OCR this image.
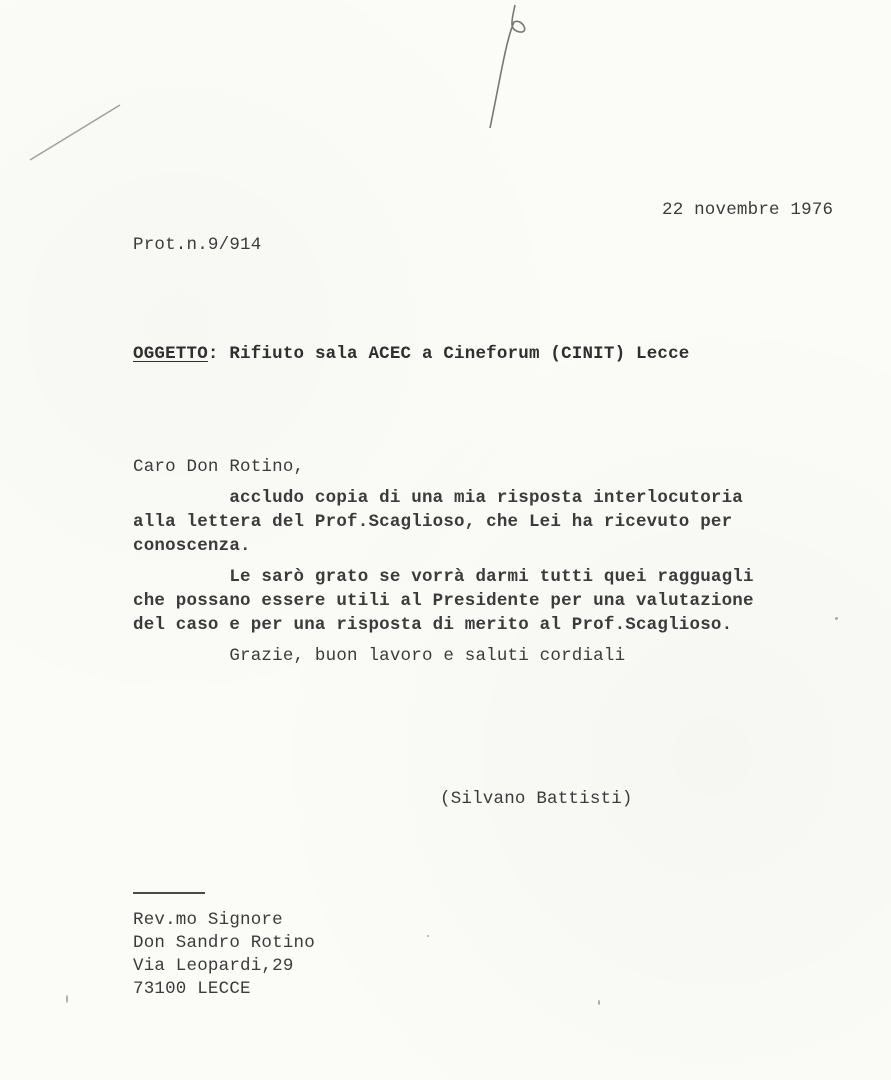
Cinit
fm
22 novembre 1976
Prot.n.9/914
OGGETTO: Rifiuto sala ACEC a Cineforum (CINIT) Lecce
Caro Don Rotino,
accludo copia di una mia risposta interlocutoria
alla lettera del Prof.Scaglioso, che Lei ha ricevuto per
conoscenza.
Le sarò grato se vorrà darmi tutti quei ragguagli
che possano essere utili al Presidente per una valutazione
del caso e per una risposta di merito al Prof.Scaglioso.
Grazie, buon lavoro e saluti cordiali
(Silvano Battisti)
Rev.mo Signore
Don Sandro Rotino
Via Leopardi,29
73100 LECCE
